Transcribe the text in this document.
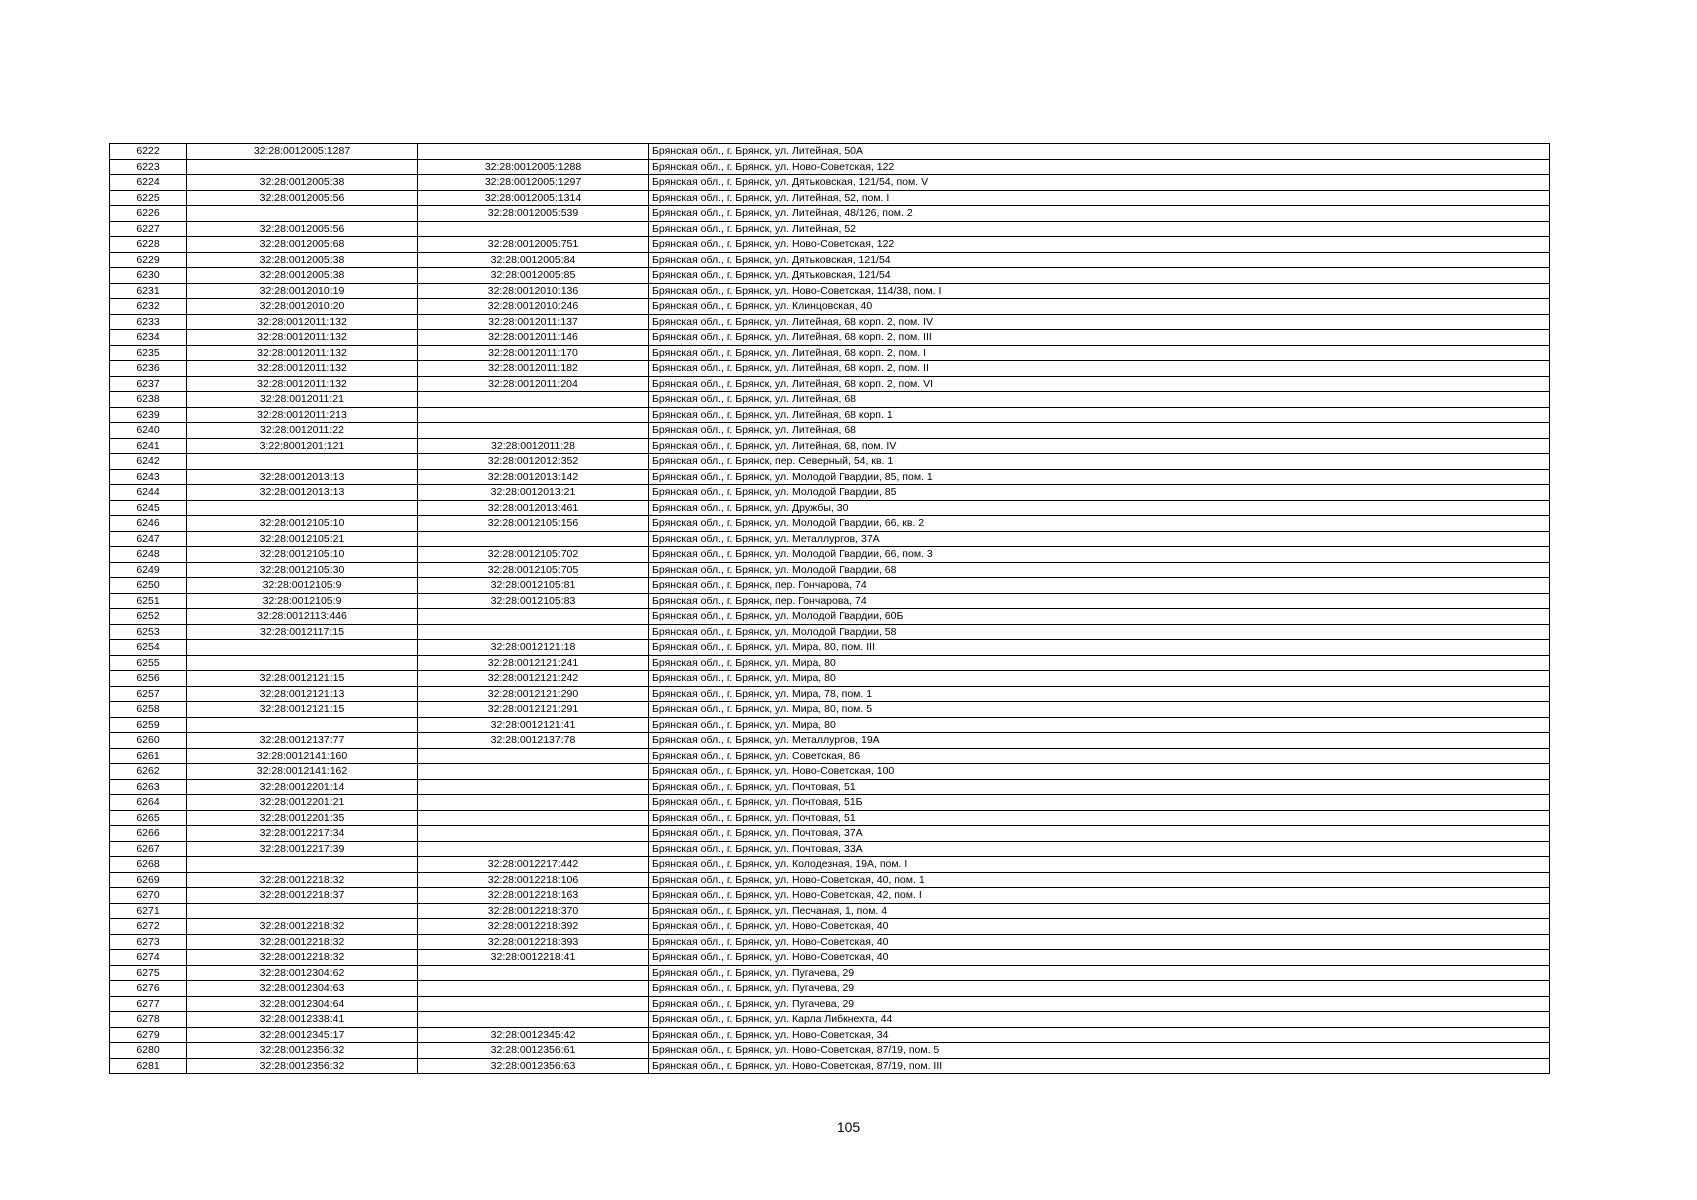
6222	32:28:0012005:1287		Брянская обл., г. Брянск, ул. Литейная, 50А
6223		32:28:0012005:1288	Брянская обл., г. Брянск, ул. Ново-Советская, 122
6224	32:28:0012005:38	32:28:0012005:1297	Брянская обл., г. Брянск, ул. Дятьковская, 121/54, пом. V
6225	32:28:0012005:56	32:28:0012005:1314	Брянская обл., г. Брянск, ул. Литейная, 52, пом. I
6226		32:28:0012005:539	Брянская обл., г. Брянск, ул. Литейная, 48/126, пом. 2
6227	32:28:0012005:56		Брянская обл., г. Брянск, ул. Литейная, 52
6228	32:28:0012005:68	32:28:0012005:751	Брянская обл., г. Брянск, ул. Ново-Советская, 122
6229	32:28:0012005:38	32:28:0012005:84	Брянская обл., г. Брянск, ул. Дятьковская, 121/54
6230	32:28:0012005:38	32:28:0012005:85	Брянская обл., г. Брянск, ул. Дятьковская, 121/54
6231	32:28:0012010:19	32:28:0012010:136	Брянская обл., г. Брянск, ул. Ново-Советская, 114/38, пом. I
6232	32:28:0012010:20	32:28:0012010:246	Брянская обл., г. Брянск, ул. Клинцовская, 40
6233	32:28:0012011:132	32:28:0012011:137	Брянская обл., г. Брянск, ул. Литейная, 68 корп. 2, пом. IV
6234	32:28:0012011:132	32:28:0012011:146	Брянская обл., г. Брянск, ул. Литейная, 68 корп. 2, пом. III
6235	32:28:0012011:132	32:28:0012011:170	Брянская обл., г. Брянск, ул. Литейная, 68 корп. 2, пом. I
6236	32:28:0012011:132	32:28:0012011:182	Брянская обл., г. Брянск, ул. Литейная, 68 корп. 2, пом. II
6237	32:28:0012011:132	32:28:0012011:204	Брянская обл., г. Брянск, ул. Литейная, 68 корп. 2, пом. VI
6238	32:28:0012011:21		Брянская обл., г. Брянск, ул. Литейная, 68
6239	32:28:0012011:213		Брянская обл., г. Брянск, ул. Литейная, 68 корп. 1
6240	32:28:0012011:22		Брянская обл., г. Брянск, ул. Литейная, 68
6241	3:22:8001201:121	32:28:0012011:28	Брянская обл., г. Брянск, ул. Литейная, 68, пом. IV
6242		32:28:0012012:352	Брянская обл., г. Брянск, пер. Северный, 54, кв. 1
6243	32:28:0012013:13	32:28:0012013:142	Брянская обл., г. Брянск, ул. Молодой Гвардии, 85, пом. 1
6244	32:28:0012013:13	32:28:0012013:21	Брянская обл., г. Брянск, ул. Молодой Гвардии, 85
6245		32:28:0012013:461	Брянская обл., г. Брянск, ул. Дружбы, 30
6246	32:28:0012105:10	32:28:0012105:156	Брянская обл., г. Брянск, ул. Молодой Гвардии, 66, кв. 2
6247	32:28:0012105:21		Брянская обл., г. Брянск, ул. Металлургов, 37А
6248	32:28:0012105:10	32:28:0012105:702	Брянская обл., г. Брянск, ул. Молодой Гвардии, 66, пом. 3
6249	32:28:0012105:30	32:28:0012105:705	Брянская обл., г. Брянск, ул. Молодой Гвардии, 68
6250	32:28:0012105:9	32:28:0012105:81	Брянская обл., г. Брянск, пер. Гончарова, 74
6251	32:28:0012105:9	32:28:0012105:83	Брянская обл., г. Брянск, пер. Гончарова, 74
6252	32:28:0012113:446		Брянская обл., г. Брянск, ул. Молодой Гвардии, 60Б
6253	32:28:0012117:15		Брянская обл., г. Брянск, ул. Молодой Гвардии, 58
6254		32:28:0012121:18	Брянская обл., г. Брянск, ул. Мира, 80, пом. III
6255		32:28:0012121:241	Брянская обл., г. Брянск, ул. Мира, 80
6256	32:28:0012121:15	32:28:0012121:242	Брянская обл., г. Брянск, ул. Мира, 80
6257	32:28:0012121:13	32:28:0012121:290	Брянская обл., г. Брянск, ул. Мира, 78, пом. 1
6258	32:28:0012121:15	32:28:0012121:291	Брянская обл., г. Брянск, ул. Мира, 80, пом. 5
6259		32:28:0012121:41	Брянская обл., г. Брянск, ул. Мира, 80
6260	32:28:0012137:77	32:28:0012137:78	Брянская обл., г. Брянск, ул. Металлургов, 19А
6261	32:28:0012141:160		Брянская обл., г. Брянск, ул. Советская, 86
6262	32:28:0012141:162		Брянская обл., г. Брянск, ул. Ново-Советская, 100
6263	32:28:0012201:14		Брянская обл., г. Брянск, ул. Почтовая, 51
6264	32:28:0012201:21		Брянская обл., г. Брянск, ул. Почтовая, 51Б
6265	32:28:0012201:35		Брянская обл., г. Брянск, ул. Почтовая, 51
6266	32:28:0012217:34		Брянская обл., г. Брянск, ул. Почтовая, 37А
6267	32:28:0012217:39		Брянская обл., г. Брянск, ул. Почтовая, 33А
6268		32:28:0012217:442	Брянская обл., г. Брянск, ул. Колодезная, 19А, пом. I
6269	32:28:0012218:32	32:28:0012218:106	Брянская обл., г. Брянск, ул. Ново-Советская, 40, пом. 1
6270	32:28:0012218:37	32:28:0012218:163	Брянская обл., г. Брянск, ул. Ново-Советская, 42, пом. I
6271		32:28:0012218:370	Брянская обл., г. Брянск, ул. Песчаная, 1, пом. 4
6272	32:28:0012218:32	32:28:0012218:392	Брянская обл., г. Брянск, ул. Ново-Советская, 40
6273	32:28:0012218:32	32:28:0012218:393	Брянская обл., г. Брянск, ул. Ново-Советская, 40
6274	32:28:0012218:32	32:28:0012218:41	Брянская обл., г. Брянск, ул. Ново-Советская, 40
6275	32:28:0012304:62		Брянская обл., г. Брянск, ул. Пугачева, 29
6276	32:28:0012304:63		Брянская обл., г. Брянск, ул. Пугачева, 29
6277	32:28:0012304:64		Брянская обл., г. Брянск, ул. Пугачева, 29
6278	32:28:0012338:41		Брянская обл., г. Брянск, ул. Карла Либкнехта, 44
6279	32:28:0012345:17	32:28:0012345:42	Брянская обл., г. Брянск, ул. Ново-Советская, 34
6280	32:28:0012356:32	32:28:0012356:61	Брянская обл., г. Брянск, ул. Ново-Советская, 87/19, пом. 5
6281	32:28:0012356:32	32:28:0012356:63	Брянская обл., г. Брянск, ул. Ново-Советская, 87/19, пом. III
105
